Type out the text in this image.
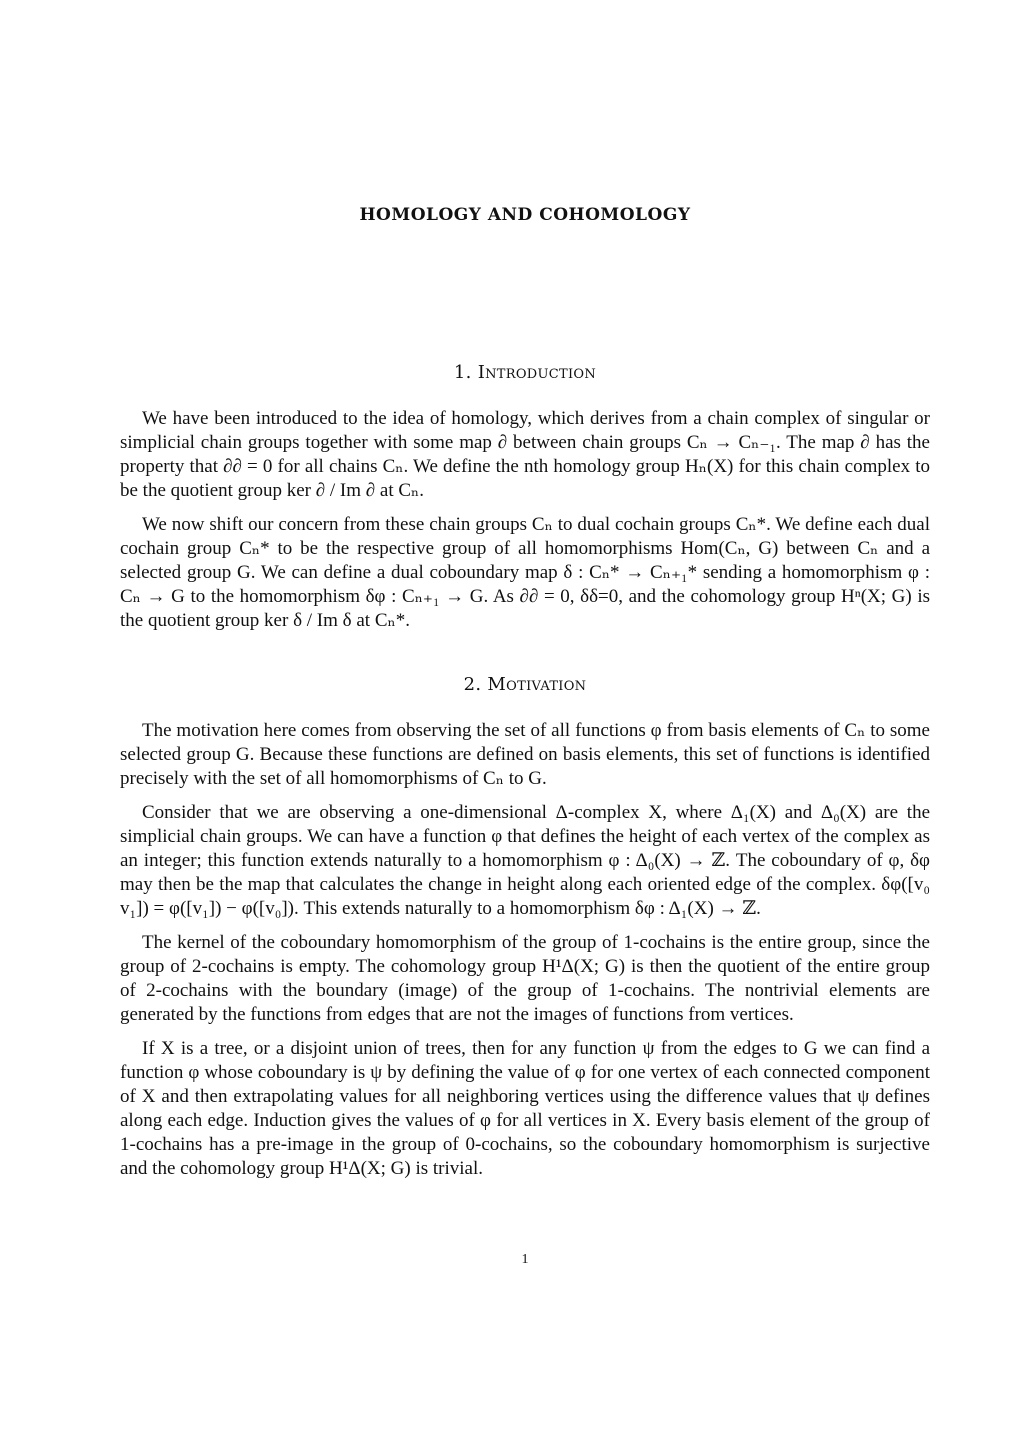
HOMOLOGY AND COHOMOLOGY
1. Introduction

We have been introduced to the idea of homology, which derives from a chain complex of singular or simplicial chain groups together with some map ∂ between chain groups Cₙ → Cₙ₋₁. The map ∂ has the property that ∂∂ = 0 for all chains Cₙ. We define the nth homology group Hₙ(X) for this chain complex to be the quotient group ker ∂ / Im ∂ at Cₙ.

We now shift our concern from these chain groups Cₙ to dual cochain groups Cₙ*. We define each dual cochain group Cₙ* to be the respective group of all homomorphisms Hom(Cₙ, G) between Cₙ and a selected group G. We can define a dual coboundary map δ : Cₙ* → Cₙ₊₁* sending a homomorphism φ : Cₙ → G to the homomorphism δφ : Cₙ₊₁ → G. As ∂∂ = 0, δδ=0, and the cohomology group Hⁿ(X; G) is the quotient group ker δ / Im δ at Cₙ*.

2. Motivation

The motivation here comes from observing the set of all functions φ from basis elements of Cₙ to some selected group G. Because these functions are defined on basis elements, this set of functions is identified precisely with the set of all homomorphisms of Cₙ to G.

Consider that we are observing a one-dimensional Δ-complex X, where Δ₁(X) and Δ₀(X) are the simplicial chain groups. We can have a function φ that defines the height of each vertex of the complex as an integer; this function extends naturally to a homomorphism φ : Δ₀(X) → ℤ. The coboundary of φ, δφ may then be the map that calculates the change in height along each oriented edge of the complex. δφ([v₀ v₁]) = φ([v₁]) − φ([v₀]). This extends naturally to a homomorphism δφ : Δ₁(X) → ℤ.

The kernel of the coboundary homomorphism of the group of 1-cochains is the entire group, since the group of 2-cochains is empty. The cohomology group H¹Δ(X; G) is then the quotient of the entire group of 2-cochains with the boundary (image) of the group of 1-cochains. The nontrivial elements are generated by the functions from edges that are not the images of functions from vertices.

If X is a tree, or a disjoint union of trees, then for any function ψ from the edges to G we can find a function φ whose coboundary is ψ by defining the value of φ for one vertex of each connected component of X and then extrapolating values for all neighboring vertices using the difference values that ψ defines along each edge. Induction gives the values of φ for all vertices in X. Every basis element of the group of 1-cochains has a pre-image in the group of 0-cochains, so the coboundary homomorphism is surjective and the cohomology group H¹Δ(X; G) is trivial.

1
